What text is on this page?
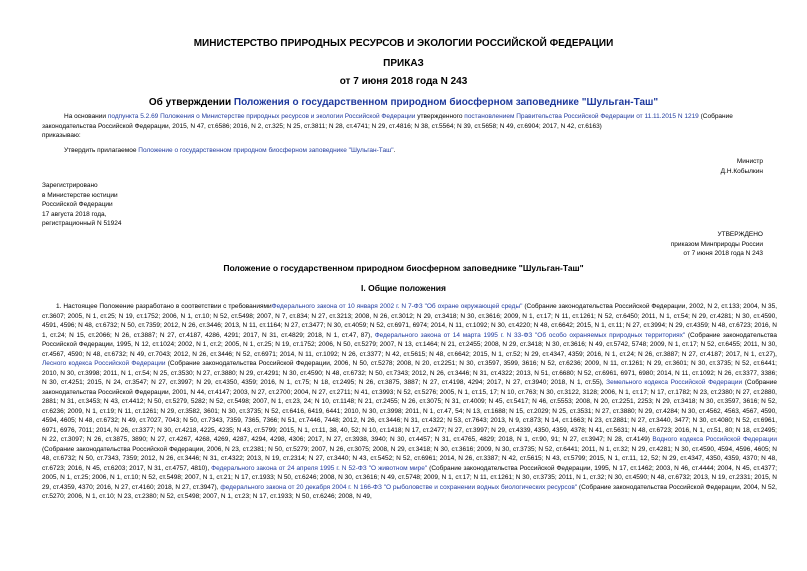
МИНИСТЕРСТВО ПРИРОДНЫХ РЕСУРСОВ И ЭКОЛОГИИ РОССИЙСКОЙ ФЕДЕРАЦИИ
ПРИКАЗ
от 7 июня 2018 года N 243
Об утверждении Положения о государственном природном биосферном заповеднике "Шульган-Таш"
На основании подпункта 5.2.69 Положения о Министерстве природных ресурсов и экологии Российской Федерации утвержденного постановлением Правительства Российской Федерации от 11.11.2015 N 1219 (Собрание законодательства Российской Федерации, 2015, N 47, ст.6586; 2016, N 2, ст.325; N 25, ст.3811; N 28, ст.4741; N 29, ст.4816; N 38, ст.5564; N 39, ст.5658; N 49, ст.6904; 2017, N 42, ст.6163)
приказываю:
Утвердить прилагаемое Положение о государственном природном биосферном заповеднике "Шульган-Таш".
Министр
Д.Н.Кобылкин
Зарегистрировано
в Министерстве юстиции
Российской Федерации
17 августа 2018 года,
регистрационный N 51924
УТВЕРЖДЕНО
приказом Минприроды России
от 7 июня 2018 года N 243
Положение о государственном природном биосферном заповеднике "Шульган-Таш"
I. Общие положения
1. Настоящее Положение разработано в соответствии с требованиямиФедерального закона от 10 января 2002 г. N 7-ФЗ "Об охране окружающей среды" (Собрание законодательства Российской Федерации, 2002, N 2, ст.133; 2004, N 35, ст.3607; 2005, N 1, ст.25; N 19, ст.1752; 2006, N 1, ст.10; N 52, ст.5498; 2007, N 7, ст.834; N 27, ст.3213; 2008, N 26, ст.3012; N 29, ст.3418; N 30, ст.3616; 2009, N 1, ст.17; N 11, ст.1261; N 52, ст.6450; 2011, N 1, ст.54; N 29, ст.4281; N 30, ст.4590, 4591, 4596; N 48, ст.6732; N 50, ст.7359; 2012, N 26, ст.3446; 2013, N 11, ст.1164; N 27, ст.3477; N 30, ст.4059; N 52, ст.6971, 6974; 2014, N 11, ст.1092; N 30, ст.4220; N 48, ст.6642; 2015, N 1, ст.11; N 27, ст.3994; N 29, ст.4359; N 48, ст.6723; 2016, N 1, ст.24; N 15, ст.2066; N 26, ст.3887; N 27, ст.4187, 4286, 4291; 2017, N 31, ст.4829; 2018, N 1, ст.47, 87), Федерального закона от 14 марта 1995 г. N 33-ФЗ "Об особо охраняемых природных территориях" (Собрание законодательства Российской Федерации, 1995, N 12, ст.1024; 2002, N 1, ст.2; 2005, N 1, ст.25; N 19, ст.1752; 2006, N 50, ст.5279; 2007, N 13, ст.1464; N 21, ст.2455; 2008, N 29, ст.3418; N 30, ст.3616; N 49, ст.5742, 5748; 2009, N 1, ст.17; N 52, ст.6455; 2011, N 30, ст.4567, 4590; N 48, ст.6732; N 49, ст.7043; 2012, N 26, ст.3446; N 52, ст.6971; 2014, N 11, ст.1092; N 26, ст.3377; N 42, ст.5615; N 48, ст.6642; 2015, N 1, ст.52; N 29, ст.4347, 4359; 2016, N 1, ст.24; N 26, ст.3887; N 27, ст.4187; 2017, N 1, ст.27), Лесного кодекса Российской Федерации (Собрание законодательства Российской Федерации, 2006, N 50, ст.5278; 2008, N 20, ст.2251; N 30, ст.3597, 3599, 3616; N 52, ст.6236; 2009, N 11, ст.1261; N 29, ст.3601; N 30, ст.3735; N 52, ст.6441; 2010, N 30, ст.3998; 2011, N 1, ст.54; N 25, ст.3530; N 27, ст.3880; N 29, ст.4291; N 30, ст.4590; N 48, ст.6732; N 50, ст.7343; 2012, N 26, ст.3446; N 31, ст.4322; 2013, N 51, ст.6680; N 52, ст.6961, 6971, 6980; 2014, N 11, ст.1092; N 26, ст.3377, 3386; N 30, ст.4251; 2015, N 24, ст.3547; N 27, ст.3997; N 29, ст.4350, 4359; 2016, N 1, ст.75; N 18, ст.2495; N 26, ст.3875, 3887; N 27, ст.4198, 4294; 2017, N 27, ст.3940; 2018, N 1, ст.55), Земельного кодекса Российской Федерации (Собрание законодательства Российской Федерации, 2001, N 44, ст.4147; 2003, N 27, ст.2700; 2004, N 27, ст.2711; N 41, ст.3993; N 52, ст.5276; 2005, N 1, ст.15, 17; N 10, ст.763; N 30, ст.3122, 3128; 2006, N 1, ст.17; N 17, ст.1782; N 23, ст.2380; N 27, ст.2880, 2881; N 31, ст.3453; N 43, ст.4412; N 50, ст.5279, 5282; N 52, ст.5498; 2007, N 1, ст.23, 24; N 10, ст.1148; N 21, ст.2455; N 26, ст.3075; N 31, ст.4009; N 45, ст.5417; N 46, ст.5553; 2008, N 20, ст.2251, 2253; N 29, ст.3418; N 30, ст.3597, 3616; N 52, ст.6236; 2009, N 1, ст.19; N 11, ст.1261; N 29, ст.3582, 3601; N 30, ст.3735; N 52, ст.6416, 6419, 6441; 2010, N 30, ст.3998; 2011, N 1, ст.47, 54; N 13, ст.1688; N 15, ст.2029; N 25, ст.3531; N 27, ст.3880; N 29, ст.4284; N 30, ст.4562, 4563, 4567, 4590, 4594, 4605; N 48, ст.6732; N 49, ст.7027, 7043; N 50, ст.7343, 7359, 7365, 7366; N 51, ст.7446, 7448; 2012, N 26, ст.3446; N 31, ст.4322; N 53, ст.7643; 2013, N 9, ст.873; N 14, ст.1663; N 23, ст.2881; N 27, ст.3440, 3477; N 30, ст.4080; N 52, ст.6961, 6971, 6976, 7011; 2014, N 26, ст.3377; N 30, ст.4218, 4225, 4235; N 43, ст.5799; 2015, N 1, ст.11, 38, 40, 52; N 10, ст.1418; N 17, ст.2477; N 27, ст.3997; N 29, ст.4339, 4350, 4359, 4378; N 41, ст.5631; N 48, ст.6723; 2016, N 1, ст.51, 80; N 18, ст.2495; N 22, ст.3097; N 26, ст.3875, 3890; N 27, ст.4267, 4268, 4269, 4287, 4294, 4298, 4306; 2017, N 27, ст.3938, 3940; N 30, ст.4457; N 31, ст.4765, 4829; 2018, N 1, ст.90, 91; N 27, ст.3947; N 28, ст.4149) Водного кодекса Российской Федерации (Собрание законодательства Российской Федерации, 2006, N 23, ст.2381; N 50, ст.5279; 2007, N 26, ст.3075; 2008, N 29, ст.3418; N 30, ст.3616; 2009, N 30, ст.3735; N 52, ст.6441; 2011, N 1, ст.32; N 29, ст.4281; N 30, ст.4590, 4594, 4596, 4605; N 48, ст.6732; N 50, ст.7343, 7359; 2012, N 26, ст.3446; N 31, ст.4322; 2013, N 19, ст.2314; N 27, ст.3440; N 43, ст.5452; N 52, ст.6961; 2014, N 26, ст.3387; N 42, ст.5615; N 43, ст.5799; 2015, N 1, ст.11, 12, 52; N 29, ст.4347, 4350, 4359, 4370; N 48, ст.6723; 2016, N 45, ст.6203; 2017, N 31, ст.4757, 4810), Федерального закона от 24 апреля 1995 г. N 52-ФЗ "О животном мире" (Собрание законодательства Российской Федерации, 1995, N 17, ст.1462; 2003, N 46, ст.4444; 2004, N 45, ст.4377; 2005, N 1, ст.25; 2006, N 1, ст.10; N 52, ст.5498; 2007, N 1, ст.21; N 17, ст.1933; N 50, ст.6246; 2008, N 30, ст.3616; N 49, ст.5748; 2009, N 1, ст.17; N 11, ст.1261; N 30, ст.3735; 2011, N 1, ст.32; N 30, ст.4590; N 48, ст.6732; 2013, N 19, ст.2331; 2015, N 29, ст.4359, 4370; 2016, N 27, ст.4160; 2018, N 27, ст.3947), федерального закона от 20 декабря 2004 г. N 166-ФЗ "О рыболовстве и сохранении водных биологических ресурсов" (Собрание законодательства Российской Федерации, 2004, N 52, ст.5270; 2006, N 1, ст.10; N 23, ст.2380; N 52, ст.5498; 2007, N 1, ст.23; N 17, ст.1933; N 50, ст.6246; 2008, N 49,
